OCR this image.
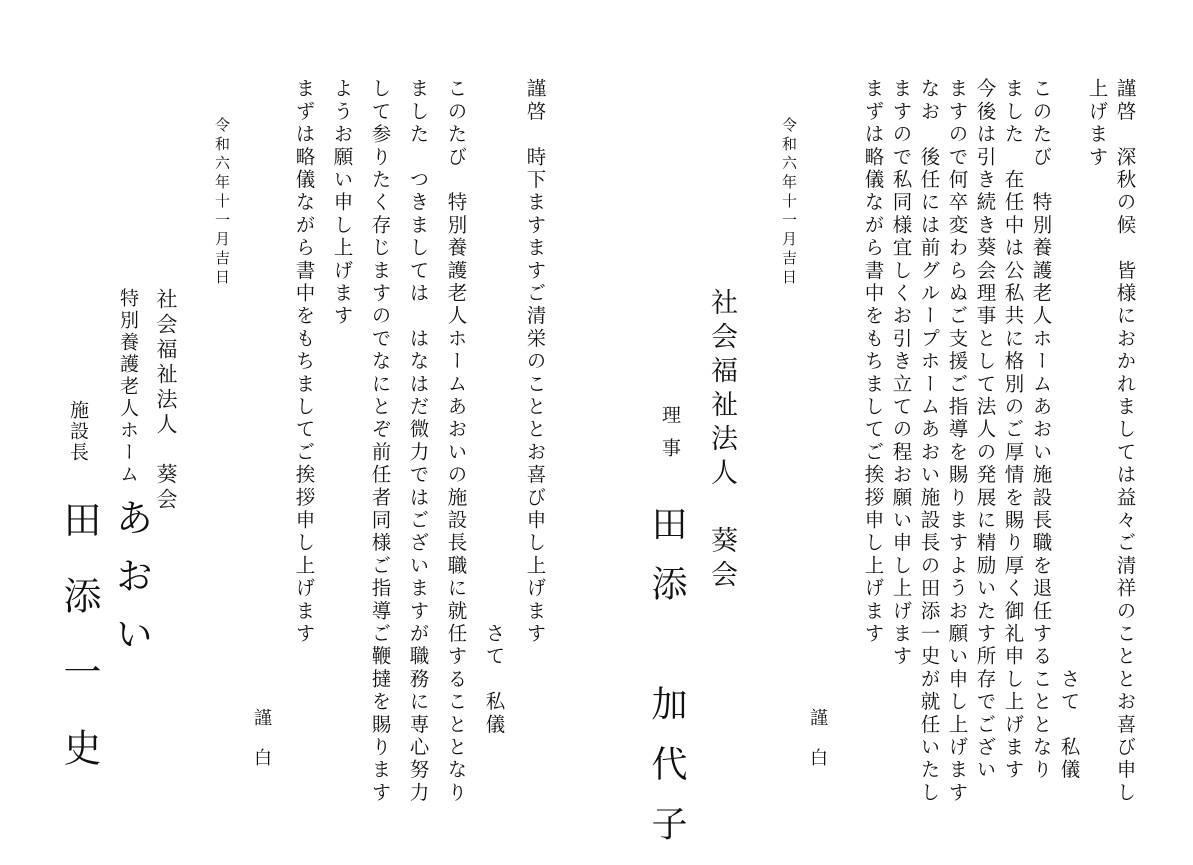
謹啓　深秋の候　皆様におかれましては益々ご清祥のこととお喜び申し

上げます

　　　　　　　　　　　　　　　　　　　　　　　　　　さて　私儀

このたび　特別養護老人ホームあおい施設長職を退任することとなり

ました　在任中は公私共に格別のご厚情を賜り厚く御礼申し上げます

今後は引き続き葵会理事として法人の発展に精励いたす所存でござい

ますので何卒変わらぬご支援ご指導を賜りますようお願い申し上げます

なお　後任には前グループホームあおい施設長の田添一史が就任いたし

ますので私同様宜しくお引き立ての程お願い申し上げます

まずは略儀ながら書中をもちましてご挨拶申し上げます

令和六年十一月吉日

謹白

社会福祉法人　葵会

理事

田添　加代子

謹啓　時下ますますご清栄のこととお喜び申し上げます

　　　　　　　　　　　　　　　　　　　　　　　　さて　私儀

このたび　特別養護老人ホームあおいの施設長職に就任することとなり

ました　つきましては　はなはだ微力ではございますが職務に専心努力

して参りたく存じますのでなにとぞ前任者同様ご指導ご鞭撻を賜ります

ようお願い申し上げます

まずは略儀ながら書中をもちましてご挨拶申し上げます

令和六年十一月吉日

謹白

社会福祉法人　葵会

特別養護老人ホーム

あおい

施設長

田添一史
